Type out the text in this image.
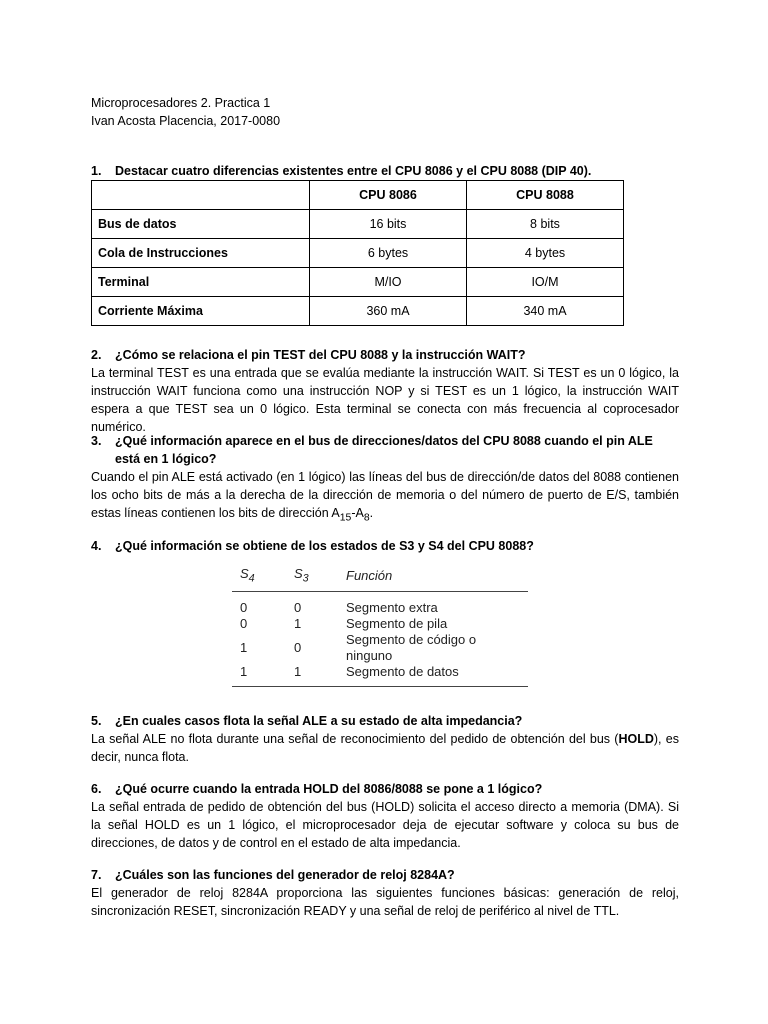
Microprocesadores 2. Practica 1
Ivan Acosta Placencia, 2017-0080
1.	Destacar cuatro diferencias existentes entre el CPU 8086 y el CPU 8088 (DIP 40).
	CPU 8086	CPU 8088
Bus de datos	16 bits	8 bits
Cola de Instrucciones	6 bytes	4 bytes
Terminal	M/IO	IO/M
Corriente Máxima	360 mA	340 mA
2.	¿Cómo se relaciona el pin TEST del CPU 8088 y la instrucción WAIT?
La terminal TEST es una entrada que se evalúa mediante la instrucción WAIT. Si TEST es un 0 lógico, la instrucción WAIT funciona como una instrucción NOP y si TEST es un 1 lógico, la instrucción WAIT espera a que TEST sea un 0 lógico. Esta terminal se conecta con más frecuencia al coprocesador numérico.
3.	¿Qué información aparece en el bus de direcciones/datos del CPU 8088 cuando el pin ALE está en 1 lógico?
Cuando el pin ALE está activado (en 1 lógico) las líneas del bus de dirección/de datos del 8088 contienen los ocho bits de más a la derecha de la dirección de memoria o del número de puerto de E/S, también estas líneas contienen los bits de dirección $A_{15}-A_8$.
4.	¿Qué información se obtiene de los estados de S3 y S4 del CPU 8088?
$S_4$	$S_3$	Función
0	0	Segmento extra
0	1	Segmento de pila
1	0	Segmento de código o ninguno
1	1	Segmento de datos
5.	¿En cuales casos flota la señal ALE a su estado de alta impedancia?
La señal ALE no flota durante una señal de reconocimiento del pedido de obtención del bus (HOLD), es decir, nunca flota.
6.	¿Qué ocurre cuando la entrada HOLD del 8086/8088 se pone a 1 lógico?
La señal entrada de pedido de obtención del bus (HOLD) solicita el acceso directo a memoria (DMA). Si la señal HOLD es un 1 lógico, el microprocesador deja de ejecutar software y coloca su bus de direcciones, de datos y de control en el estado de alta impedancia.
7.	¿Cuáles son las funciones del generador de reloj 8284A?
El generador de reloj 8284A proporciona las siguientes funciones básicas: generación de reloj, sincronización RESET, sincronización READY y una señal de reloj de periférico al nivel de TTL.
